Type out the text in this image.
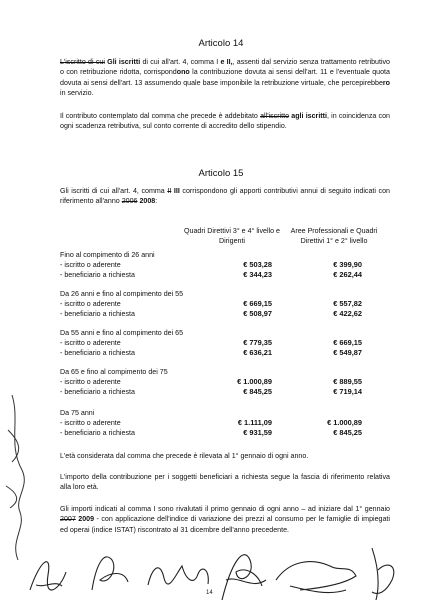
Articolo 14
L'iscritto di cui Gli iscritti di cui all'art. 4, comma I e II,, assenti dal servizio senza trattamento retributivo o con retribuzione ridotta, corrispondono la contribuzione dovuta ai sensi dell'art. 11 e l'eventuale quota dovuta ai sensi dell'art. 13 assumendo quale base imponibile la retribuzione virtuale, che percepirebbero in servizio.
Il contributo contemplato dal comma che precede è addebitato all'iscritto agli iscritti, in coincidenza con ogni scadenza retributiva, sul conto corrente di accredito dello stipendio.
Articolo 15
Gli iscritti di cui all'art. 4, comma II III corrispondono gli apporti contributivi annui di seguito indicati con riferimento all'anno 2006 2008:
Quadri Direttivi 3° e 4° livello e Dirigenti
Aree Professionali e Quadri Direttivi 1° e 2° livello
Fino al compimento di 26 anni
- iscritto o aderente	€ 503,28	€ 399,90
- beneficiario a richiesta	€ 344,23	€ 262,44
Da 26 anni e fino al compimento dei 55
- iscritto o aderente	€ 669,15	€ 557,82
- beneficiario a richiesta	€ 508,97	€ 422,62
Da 55 anni e fino al compimento dei 65
- iscritto o aderente	€ 779,35	€ 669,15
- beneficiario a richiesta	€ 636,21	€ 549,87
Da 65 e fino al compimento dei 75
- iscritto o aderente	€ 1.000,89	€ 889,55
- beneficiario a richiesta	€ 845,25	€ 719,14
Da 75 anni
- iscritto o aderente	€ 1.111,09	€ 1.000,89
- beneficiario a richiesta	€ 931,59	€ 845,25
L'età considerata dal comma che precede è rilevata al 1° gennaio di ogni anno.
L'importo della contribuzione per i soggetti beneficiari a richiesta segue la fascia di riferimento relativa alla loro età.
Gli importi indicati al comma I sono rivalutati il primo gennaio di ogni anno – ad iniziare dal 1° gennaio 2007 2009 - con applicazione dell'indice di variazione dei prezzi al consumo per le famiglie di impiegati ed operai (indice ISTAT) riscontrato al 31 dicembre dell'anno precedente.
14
